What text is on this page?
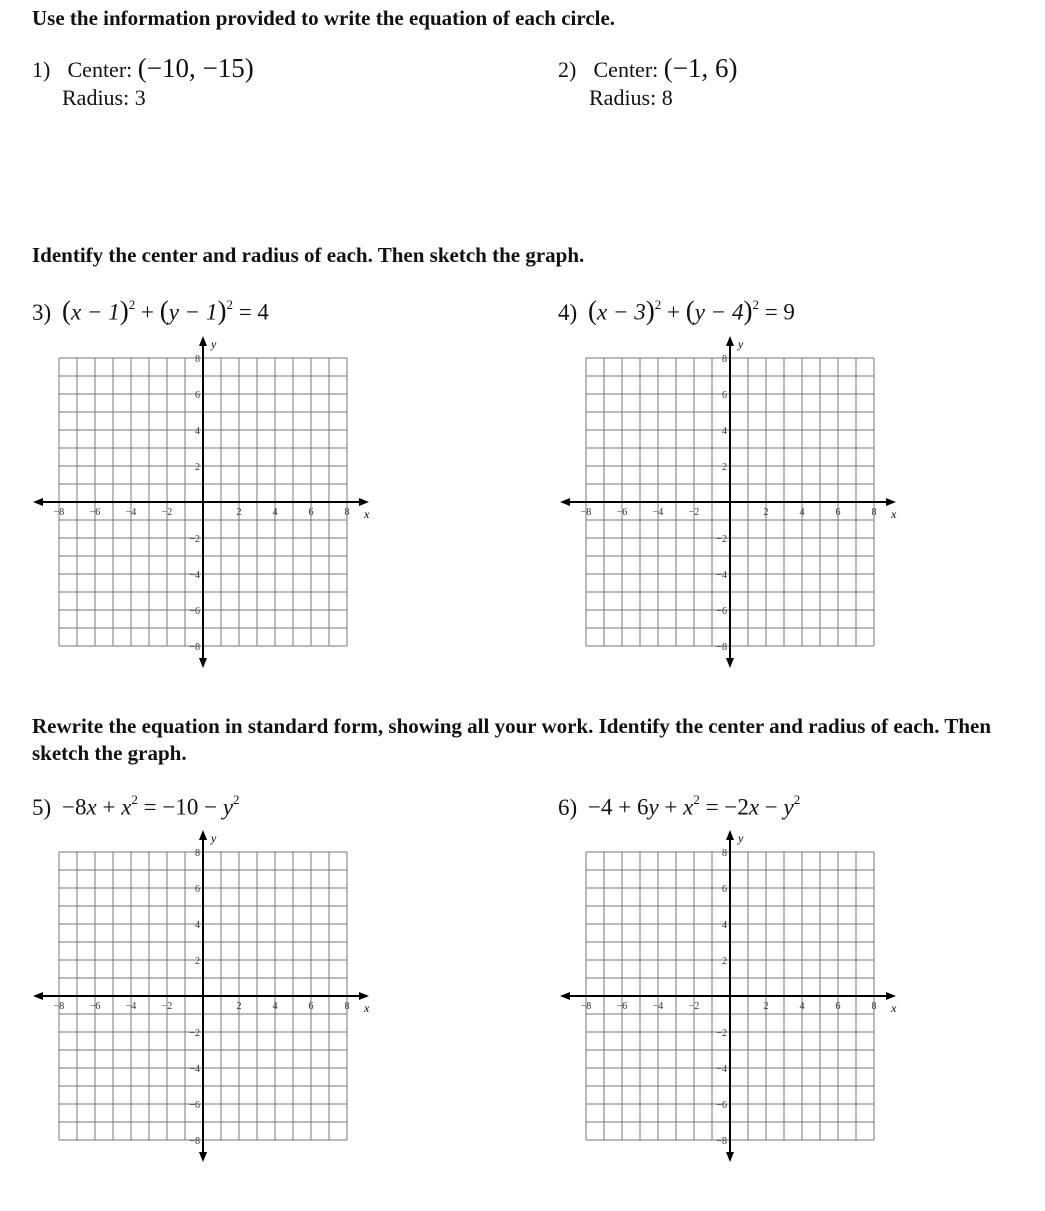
Use the information provided to write the equation of each circle.
1) Center: (−10, −15)
Radius: 3
2) Center: (−1, 6)
Radius: 8
Identify the center and radius of each. Then sketch the graph.
3) $(x - 1)^2 + (y - 1)^2 = 4$	4) $(x - 3)^2 + (y - 4)^2 = 9$
x
y
−8	−6	−4	−2	2	4	6	8
8
6
4
2
−2
−4
−6
−8
x
y
−8	−6	−4	−2	2	4	6	8
8
6
4
2
−2
−4
−6
−8
x
y
−8	−6	−4	−2	2	4	6	8
8
6
4
2
−2
−4
−6
−8
x
y
−8	−6	−4	−2	2	4	6	8
8
6
4
2
−2
−4
−6
−8
Rewrite the equation in standard form, showing all your work. Identify the center and radius of each. Then sketch the graph.
$5) -8x + x^2 = -10 - y^2$	$6) -4 + 6y + x^2 = -2x - y^2$
